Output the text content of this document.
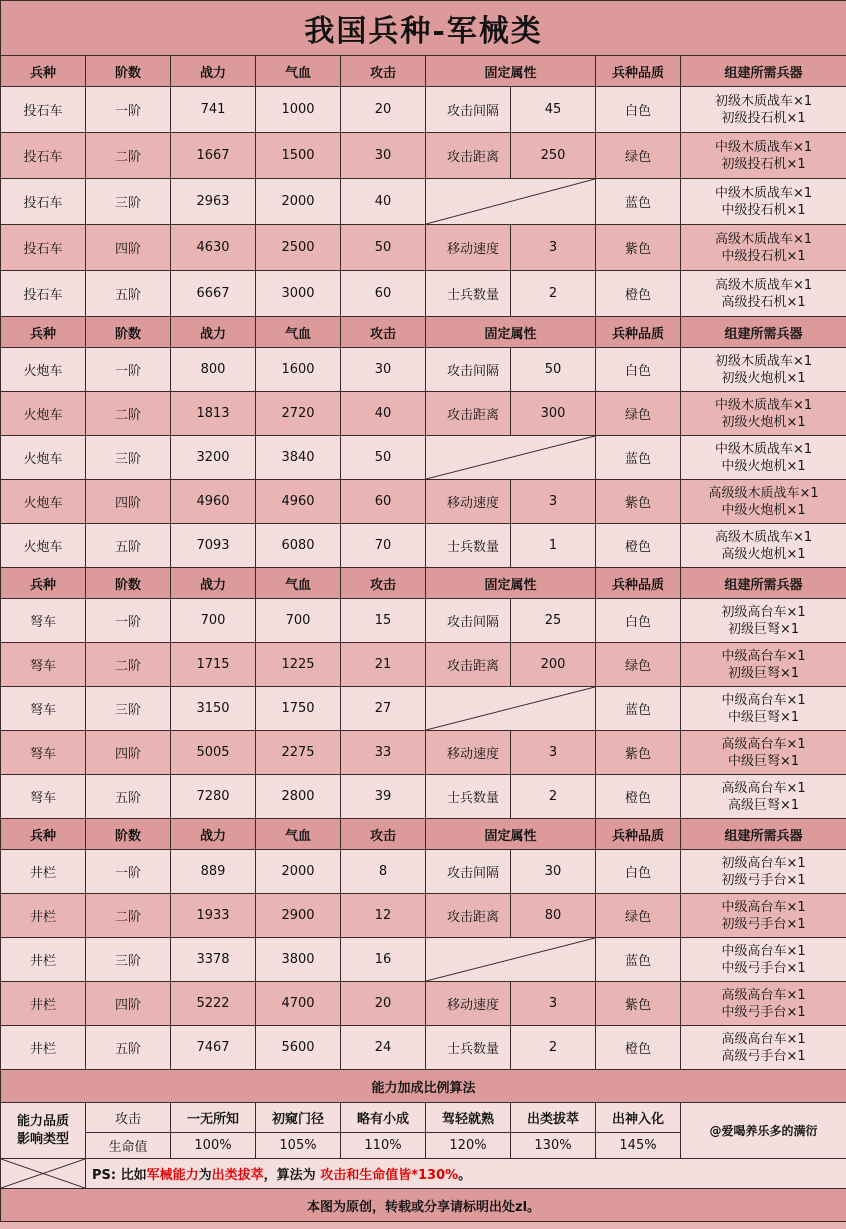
我国兵种-军械类								
兵种	阶数	战力	气血	攻击	固定属性		兵种品质	组建所需兵器
投石车	一阶	741	1000	20	攻击间隔	45	白色	初级木质战车×1
初级投石机×1

投石车	二阶	1667	1500	30	攻击距离	250	绿色	中级木质战车×1
初级投石机×1

投石车	三阶	2963	2000	40			蓝色	中级木质战车×1
中级投石机×1

投石车	四阶	4630	2500	50	移动速度	3	紫色	高级木质战车×1
中级投石机×1

投石车	五阶	6667	3000	60	士兵数量	2	橙色	高级木质战车×1
高级投石机×1

兵种	阶数	战力	气血	攻击	固定属性		兵种品质	组建所需兵器
火炮车	一阶	800	1600	30	攻击间隔	50	白色	初级木质战车×1
初级火炮机×1

火炮车	二阶	1813	2720	40	攻击距离	300	绿色	中级木质战车×1
初级火炮机×1

火炮车	三阶	3200	3840	50			蓝色	中级木质战车×1
中级火炮机×1

火炮车	四阶	4960	4960	60	移动速度	3	紫色	高级级木质战车×1
中级火炮机×1

火炮车	五阶	7093	6080	70	士兵数量	1	橙色	高级木质战车×1
高级火炮机×1

兵种	阶数	战力	气血	攻击	固定属性		兵种品质	组建所需兵器
弩车	一阶	700	700	15	攻击间隔	25	白色	初级高台车×1
初级巨弩×1

弩车	二阶	1715	1225	21	攻击距离	200	绿色	中级高台车×1
初级巨弩×1

弩车	三阶	3150	1750	27			蓝色	中级高台车×1
中级巨弩×1

弩车	四阶	5005	2275	33	移动速度	3	紫色	高级高台车×1
中级巨弩×1

弩车	五阶	7280	2800	39	士兵数量	2	橙色	高级高台车×1
高级巨弩×1

兵种	阶数	战力	气血	攻击	固定属性		兵种品质	组建所需兵器
井栏	一阶	889	2000	8	攻击间隔	30	白色	初级高台车×1
初级弓手台×1

井栏	二阶	1933	2900	12	攻击距离	80	绿色	中级高台车×1
初级弓手台×1

井栏	三阶	3378	3800	16			蓝色	中级高台车×1
中级弓手台×1

井栏	四阶	5222	4700	20	移动速度	3	紫色	高级高台车×1
中级弓手台×1

井栏	五阶	7467	5600	24	士兵数量	2	橙色	高级高台车×1
高级弓手台×1

能力加成比例算法								

能力品质
影响类型	攻击	一无所知	初窥门径	略有小成	驾轻就熟	出类拔萃	出神入化	@爱喝养乐多的满衍
	生命值	100%	105%	110%	120%	130%	145%	

	PS: 比如军械能力为出类拔萃，算法为 攻击和生命值皆*130%。							
本图为原创，转载或分享请标明出处zl。								
